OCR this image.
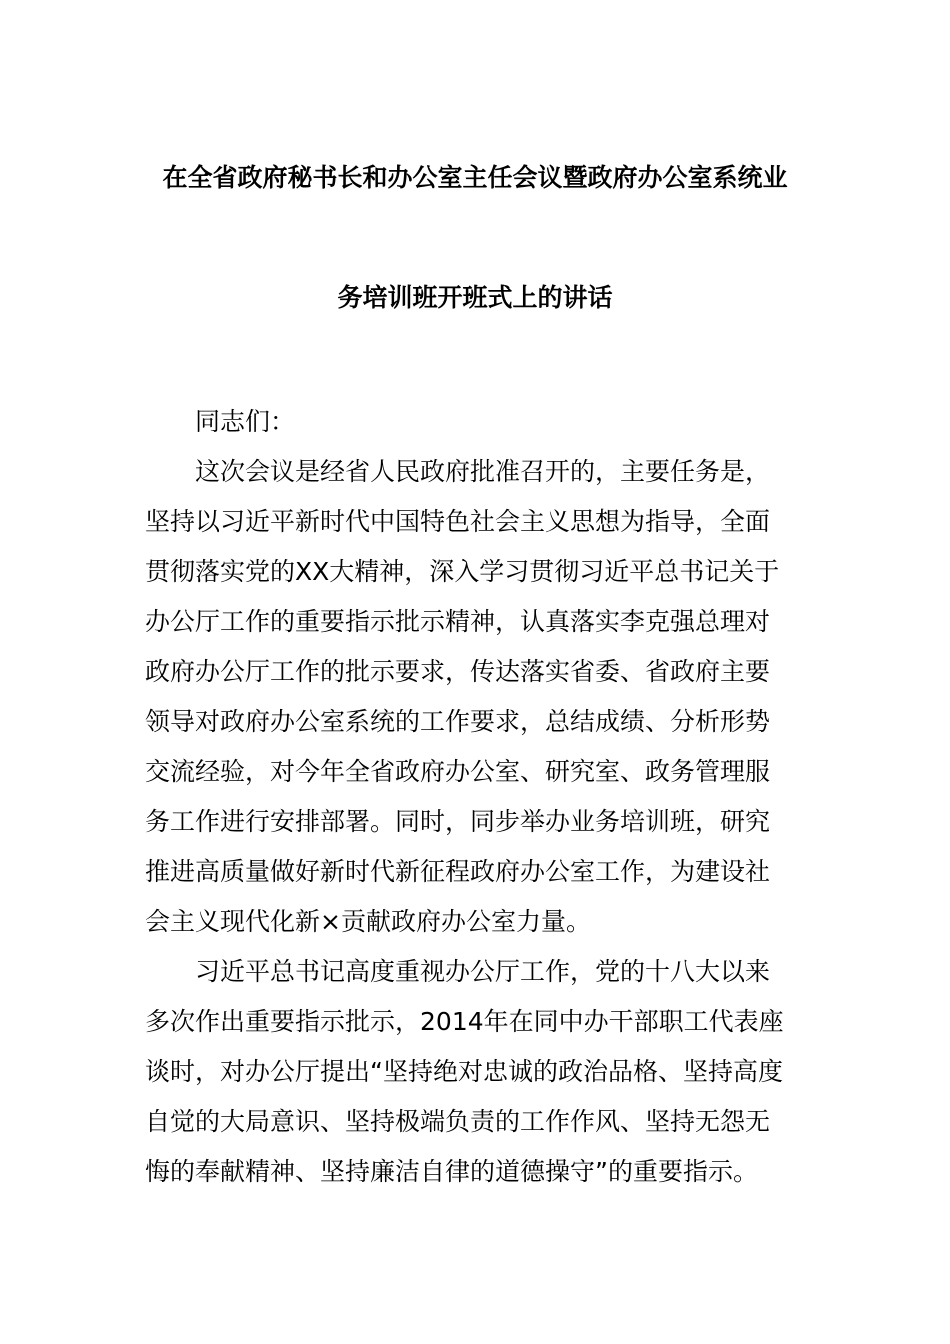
在全省政府秘书长和办公室主任会议暨政府办公室系统业
务培训班开班式上的讲话
同志们：
这次会议是经省人民政府批准召开的，主要任务是，
坚持以习近平新时代中国特色社会主义思想为指导，全面
贯彻落实党的XX大精神，深入学习贯彻习近平总书记关于
办公厅工作的重要指示批示精神，认真落实李克强总理对
政府办公厅工作的批示要求，传达落实省委、省政府主要
领导对政府办公室系统的工作要求，总结成绩、分析形势
交流经验，对今年全省政府办公室、研究室、政务管理服
务工作进行安排部署。同时，同步举办业务培训班，研究
推进高质量做好新时代新征程政府办公室工作，为建设社
会主义现代化新×贡献政府办公室力量。
习近平总书记高度重视办公厅工作，党的十八大以来
多次作出重要指示批示，2014年在同中办干部职工代表座
谈时，对办公厅提出“坚持绝对忠诚的政治品格、坚持高度
自觉的大局意识、坚持极端负责的工作作风、坚持无怨无
悔的奉献精神、坚持廉洁自律的道德操守”的重要指示。
